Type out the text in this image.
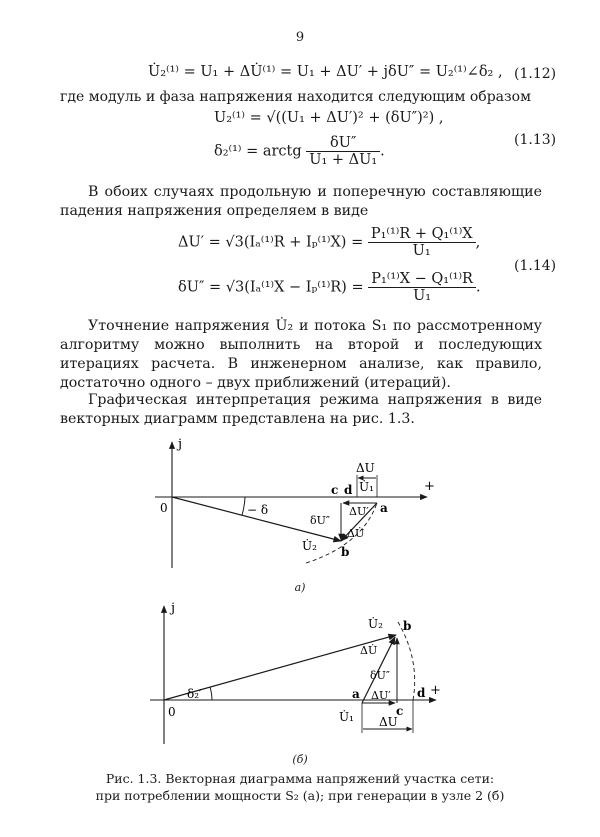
9
U̇₂⁽¹⁾ = U₁ + ΔU̇⁽¹⁾ = U₁ + ΔU′ + jδU″ = U₂⁽¹⁾∠δ₂ , (1.12)
где модуль и фаза напряжения находится следующим образом
U₂⁽¹⁾ = √((U₁ + ΔU′)² + (δU″)²) ,
δ₂⁽¹⁾ = arctg $\frac{\delta U''}{\text{U₁ + ΔU₁}}$ .
(1.13)
В обоих случаях продольную и поперечную составляющие падения напряжения определяем в виде
$\Delta U' = √3(I_a^{(1)}R + I_p^{(1)}X) = \frac{\text{P₁⁽¹⁾R + Q₁⁽¹⁾X}}{\text{U₁}}$ ,
$\delta U'' = √3(I_a^{(1)}X - I_p^{(1)}R) = \frac{\text{P₁⁽¹⁾X − Q₁⁽¹⁾R}}{\text{U₁}}$ .
(1.14)
Уточнение напряжения U̇₂ и потока S₁ по рассмотренному алгоритму можно выполнить на второй и последующих итерациях расчета. В инженерном анализе, как правило, достаточно одного – двух приближений (итераций).
Графическая интерпретация режима напряжения в виде векторных диаграмм представлена на рис. 1.3.
j
+
0	− δ
c d
a
b
ΔU
U̇₁
ΔU′
ΔU̇
δU″
U̇₂
а)
j
+
0
δ₂′
U̇₂ b
ΔU̇
δU″
a ΔU′
c
d
U̇₁ ΔU
(б)
Рис. 1.3. Векторная диаграмма напряжений участка сети:
при потреблении мощности S₂ (а); при генерации в узле 2 (б)
